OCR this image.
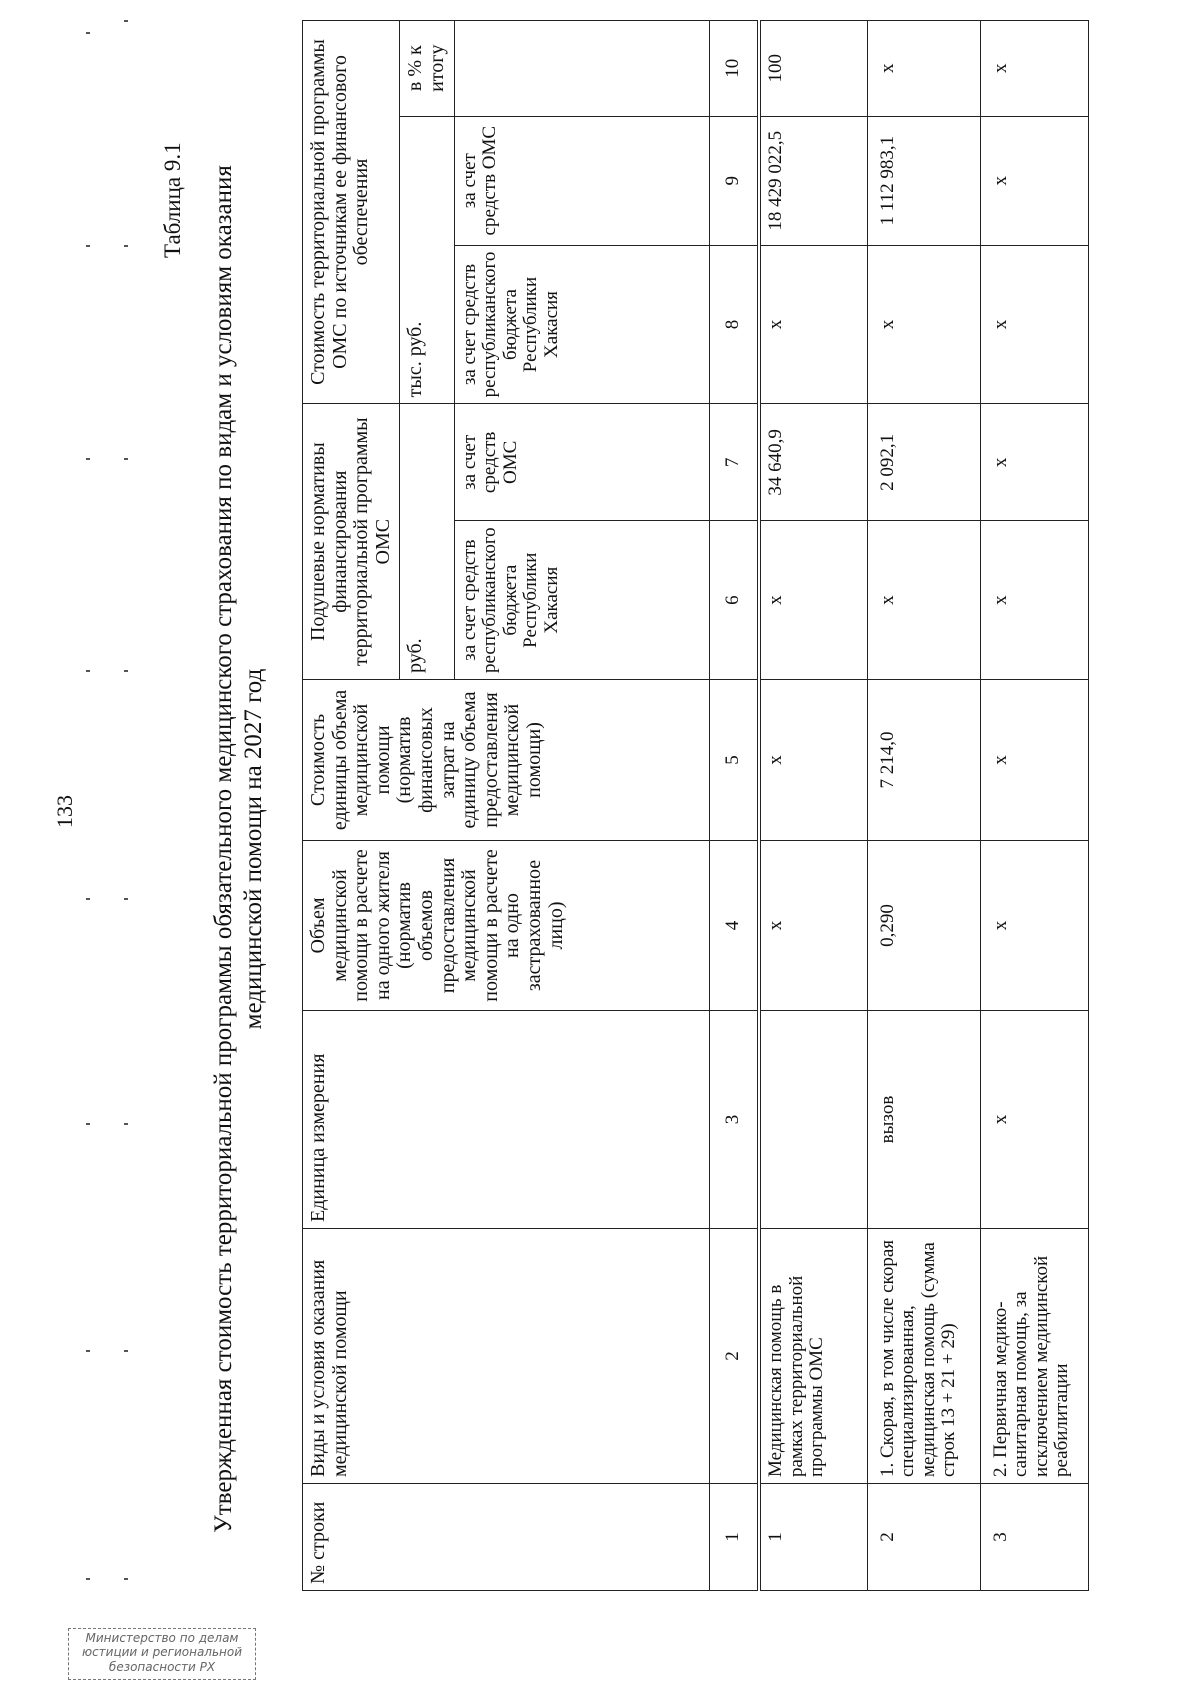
133
Таблица 9.1 Утвержденная стоимость территориальной программы обязательного медицинского страхования по видам и условиям оказания медицинской помощи на 2027 год
№ строки	Виды и условия оказания медицинской помощи	Единица измерения	Объем медицинской помощи в расчете на одного жителя (норматив объемов предоставления медицинской помощи в расчете на одно застрахованное лицо)	Стоимость единицы объема медицинской помощи (норматив финансовых затрат на единицу объема предоставления медицинской помощи)	Подушевые нормативы финансирования территориальной программы ОМС		Стоимость территориальной программы ОМС по источникам ее финансового обеспечения		
					руб.		тыс. руб.		в % к итогу
					за счет средств республиканского бюджета Республики Хакасия	за счет средств ОМС	за счет средств республиканского бюджета Республики Хакасия	за счет средств ОМС	
1	2	3	4	5	6	7	8	9	10
1	Медицинская помощь в рамках территориальной программы ОМС		x	x	x	34 640,9	x	18 429 022,5	100
2	1. Скорая, в том числе скорая специализированная, медицинская помощь (сумма строк 13 + 21 + 29)	вызов	0,290	7 214,0	x	2 092,1	x	1 112 983,1	x
3	2. Первичная медико-санитарная помощь, за исключением медицинской реабилитации	x	x	x	x	x	x	x	x
Министерство по делам
юстиции и региональной
безопасности РХ
